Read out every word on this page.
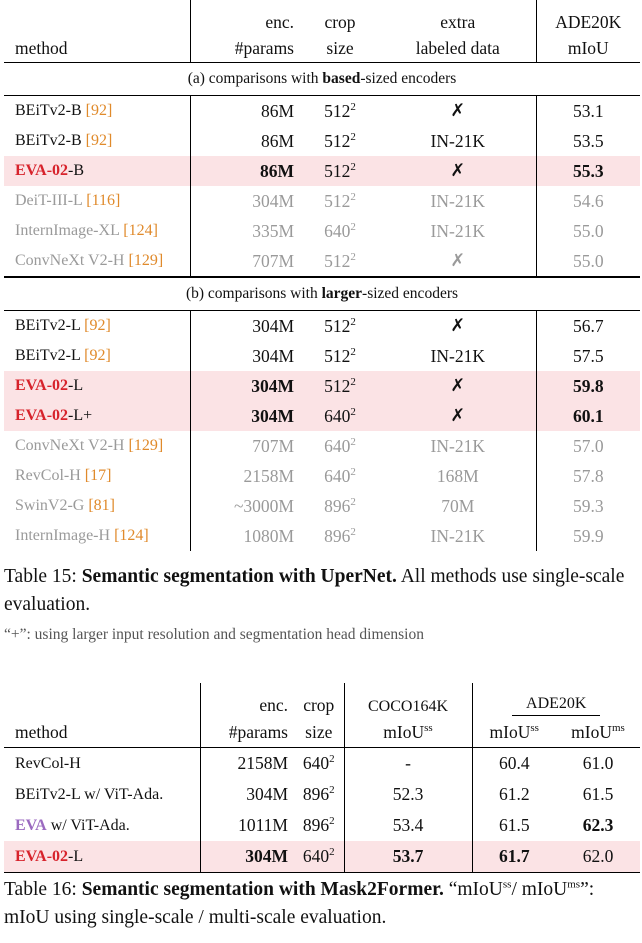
	enc.	crop	extra	ADE20K
method	#params	size	labeled data	mIoU
(a) comparisons with based-sized encoders				
BEiTv2-B [92]	86M	$512^2$	✗	53.1
BEiTv2-B [92]	86M	$512^2$	IN-21K	53.5
EVA-02-B	86M	$512^2$	✗	55.3
DeiT-III-L [116]	304M	$512^2$	IN-21K	54.6
InternImage-XL [124]	335M	$640^2$	IN-21K	55.0
ConvNeXt V2-H [129]	707M	$512^2$	✗	55.0
(b) comparisons with larger-sized encoders				
BEiTv2-L [92]	304M	$512^2$	✗	56.7
BEiTv2-L [92]	304M	$512^2$	IN-21K	57.5
EVA-02-L	304M	$512^2$	✗	59.8
EVA-02-L+	304M	$640^2$	✗	60.1
ConvNeXt V2-H [129]	707M	$640^2$	IN-21K	57.0
RevCol-H [17]	2158M	$640^2$	168M	57.8
SwinV2-G [81]	~3000M	$896^2$	70M	59.3
InternImage-H [124]	1080M	$896^2$	IN-21K	59.9
Table 15: Semantic segmentation with UperNet. All methods use single-scale evaluation.
“+”: using larger input resolution and segmentation head dimension
	enc.	crop	COCO164K	ADE20K	
method	#params	size	mIoU$^{ss}$	mIoU$^{ss}$	mIoU$^{ms}$
RevCol-H	2158M	$640^2$	-	60.4	61.0
BEiTv2-L w/ ViT-Ada.	304M	$896^2$	52.3	61.2	61.5
EVA w/ ViT-Ada.	1011M	$896^2$	53.4	61.5	62.3
EVA-02-L	304M	$640^2$	53.7	61.7	62.0
Table 16: Semantic segmentation with Mask2Former. “mIoU$^{ss}$/ mIoU$^{ms}$”: mIoU using single-scale / multi-scale evaluation.
